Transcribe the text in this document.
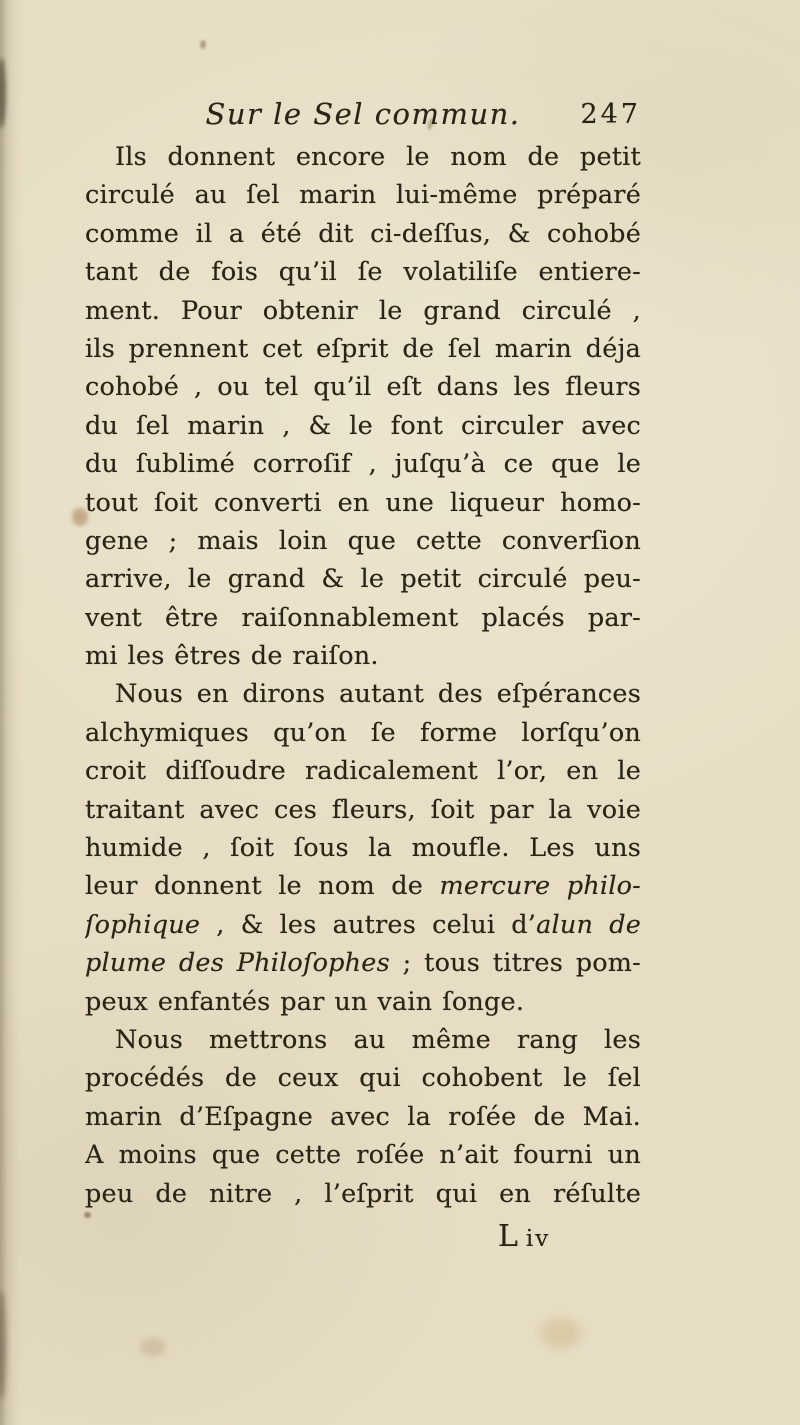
Sur le Sel commun.	247
Ils donnent encore le nom de petit
circulé au ſel marin lui-même préparé
comme il a été dit ci-deſſus, & cohobé
tant de fois qu’il ſe volatiliſe entiere-
ment. Pour obtenir le grand circulé ,
ils prennent cet eſprit de ſel marin déja
cohobé , ou tel qu’il eſt dans les fleurs
du ſel marin , & le font circuler avec
du ſublimé corroſif , juſqu’à ce que le
tout ſoit converti en une liqueur homo-
gene ; mais loin que cette converſion
arrive, le grand & le petit circulé peu-
vent être raiſonnablement placés par-
mi les êtres de raiſon.
Nous en dirons autant des eſpérances
alchymiques qu’on ſe forme lorſqu’on
croit diſſoudre radicalement l’or, en le
traitant avec ces fleurs, ſoit par la voie
humide , ſoit ſous la moufle. Les uns
leur donnent le nom de mercure philo-
ſophique , & les autres celui d’alun de
plume des Philoſophes ; tous titres pom-
peux enfantés par un vain ſonge.
Nous mettrons au même rang les
procédés de ceux qui cohobent le ſel
marin d’Eſpagne avec la roſée de Mai.
A moins que cette roſée n’ait fourni un
peu de nitre , l’eſprit qui en réſulte
L iv
